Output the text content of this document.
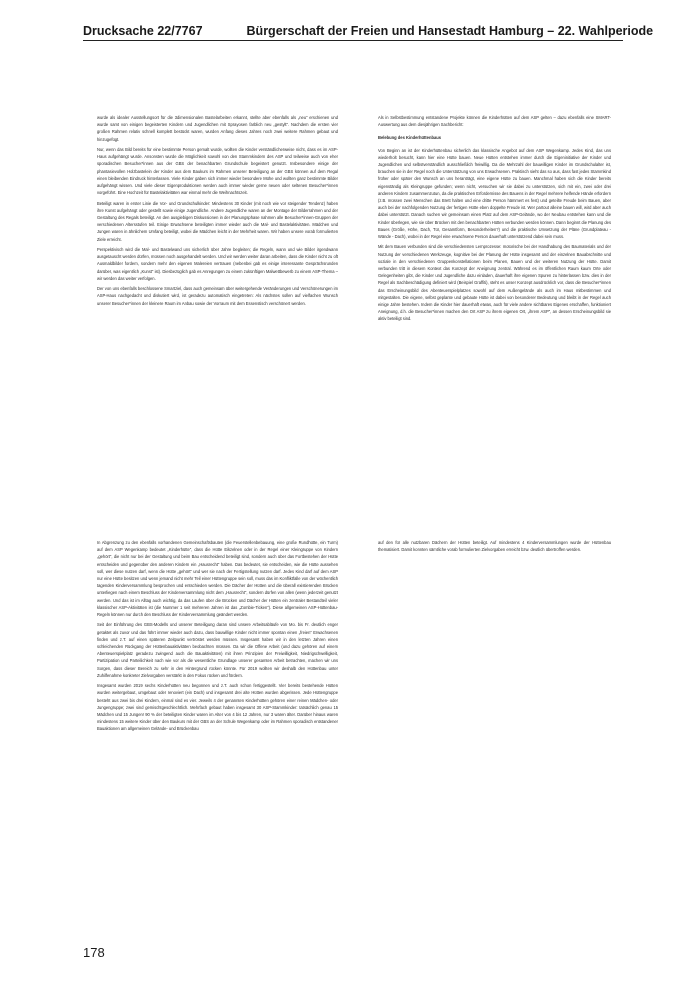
Drucksache 22/7767	Bürgerschaft der Freien und Hansestadt Hamburg – 22. Wahlperiode

wurde als idealer Ausstellungsort für die 3dimensionalen Bastelarbeiten erkannt, stellte aber ebenfalls als „neu“ erschienen und wurde samt von einigen begeisterten Kindern und Jugendlichen mit Sprayosen farblich neu „gestylt“. Nachdem die ersten vier großen Rahmen relativ schnell komplett bestückt waren, wurden Anfang dieses Jahres noch zwei weitere Rahmen gebaut und hinzugefügt.

Nur, wenn das Bild bereits für eine bestimmte Person gemalt wurde, wollten die Kinder verständlicherweise nicht, dass es im ASP-Haus aufgehängt wurde. Ansonsten wurde die Möglichkeit sowohl von den Stammkindern des ASP und teilweise auch von eher sporadischen Besucher*innen aus der GBS der benachbarten Grundschule begeistert genutzt. Insbesondere einige der phantasievollen Holzbastelein der Kinder aus dem Baukurs im Rahmen unserer Beteiligung an der GBS können auf dem Regal einen bleibenden Eindruck hinterlassen. Viele Kinder gaben sich immer wieder besondere Mühe und wollten ganz bestimmte Bilder aufgehängt wissen. Und viele dieser Eigenproduktionen werden auch immer wieder gerne neuen oder seltenen Besucher*innen vorgeführt. Eine Hochzeit für Bastelaktivitäten war einmal mehr die Weihnachtszeit.

Beteiligt waren in erster Linie die Vor- und Grundschulkinder: Mindestens 30 Kinder (mit noch wie vor steigender Tendenz) haben ihre Kunst aufgehängt oder gestellt sowie einige Jugendliche. Andere Jugendliche waren an der Montage der Bilderrahmen und der Gestaltung des Regals beteiligt. An den ausgiebigen Diskussionen in der Planungsphase nahmen alle Besucher*innen-Gruppen der verschiedenen Altersstufen teil. Einige Erwachsene beteiligten immer wieder auch die Mal- und Bastelaktivitäten. Mädchen und Jungen waren in ähnlichem Umfang beteiligt, wobei die Mädchen leicht in der Mehrheit waren. Wir haben unsere vorab formulierten Ziele erreicht.

Perspektivisch wird die Mal- und Bastelwand uns sicherlich über Jahre begleiten; die Regeln, wann und wie Bilder irgendwann ausgetauscht werden dürfen, müssen noch ausgehandelt werden. Und wir werden weiter daran arbeiten, dass die Kinder nicht zu oft Ausmaldbilder fordern, sondern mehr den eigenen Malereien vertrauen (nebenbei gab es einige interessante Gesprächsrunden darüber, was eigentlich „Kunst“ ist). Diesbezüglich gab es Anregungen zu einem zukünftigen Malwettbewerb zu einem ASP-Thema – wir werden das weiter verfolgen.

Der von uns ebenfalls beschlossene Smartziel, dass auch gemeinsam über weitergehende Veränderungen und Verschönerungen im ASP-Haus nachgedacht und diskutiert wird, ist geradezu automatisch eingetreten: Als nächstes sollen auf vielfachen Wunsch unserer Besucher*innen der kleinere Raum im Anbau sowie der Vorraum mit dem Essenstisch verschönert werden.

Als in Selbstbestimmung entstandene Projekte können die Kinderhütten auf dem ASP gelten – dazu ebenfalls eine SMART-Auswertung aus dem diesjährigen Sachbericht:

Belebung des Kinderhüttenbaus

Von Beginn an ist der Kinderhüttenbau sicherlich das klassische Angebot auf dem ASP Wegenkamp. Jedes Kind, das uns wiederholt besucht, kann hier eine Hütte bauen. Neue Hütten entstehen immer durch die Eigeninitiative der Kinder und Jugendlichen und selbstverständlich ausschließlich freiwillig. Da die Mehrzahl der bauwilligen Kinder im Grundschulalter ist, brauchen sie in der Regel noch die Unterstützung von uns Erwachsenen. Praktisch sieht das so aus, dass fast jedes Stammkind früher oder später den Wunsch an uns heranträgt, eine eigene Hütte zu bauen. Manchmal haben sich die Kinder bereits eigenständig als Kleingruppe gefunden; wenn nicht, versuchen wir sie dabei zu unterstützen, sich mit ein, zwei oder drei anderen Kindern zusammenzutun, da die praktischen Erfordernisse des Bauens in der Regel mehrere helfende Hände erfordern (z.B. müssen zwei Menschen das Brett halten und eine dritte Person hämmert es fest) und geteilte Freude beim Bauen, aber auch bei der nachfolgenden Nutzung der fertigen Hütte eben doppelte Freude ist. Wer partout alleine bauen will, wird aber auch dabei unterstützt. Danach suchen wir gemeinsam einen Platz auf dem ASP-Gelände, wo der Neubau entstehen kann und die Kinder überlegen, wie sie über Brücken mit den benachbarten Hütten verbunden werden können. Dann beginnt die Planung des Baues (Größe, Höhe, Dach, Tür, Gesamtform, Besonderheiten?) und die praktische Umsetzung der Pläne (Grundplateau - Wände - Dach), wobei in der Regel eine erwachsene Person dauerhaft unterstützend dabei sein muss.

Mit dem Bauen verbunden sind die verschiedensten Lernprozesse: motorische bei der Handhabung des Baumaterials und der Nutzung der verschiedenen Werkzeuge, kognitive bei der Planung der Hütte insgesamt und der einzelnen Bauabschnitte und soziale in den verschiedenen Gruppenkonstellationen beim Planen, Bauen und der weiteren Nutzung der Hütte. Damit verbunden tritt in diesem Kontext das Konzept der Aneignung zentral. Während es im öffentlichen Raum kaum Orte oder Gelegenheiten gibt, die Kinder und Jugendliche dazu einladen, dauerhaft ihre eigenen Spuren zu hinterlassen bzw. dies in der Regel als Sachbeschädigung definiert wird (Beispiel Graffiti), steht es unser Konzept ausdrücklich vor, dass die Besucher*innen das Erscheinungsbild des Abenteuerspielplatzes sowohl auf dem Außengelände als auch im Haus mitbestimmen und mitgestalten. Die eigene, selbst geplante und gebaute Hütte ist dabei von besonderer Bedeutung und bleibt in der Regel auch einige Jahre bestehen. Indem die Kinder hier dauerhaft etwas, auch für viele andere sichtbares Eigenes erschaffen, funktioniert Aneignung, d.h. die Besucher*innen machen den Ort ASP zu ihrem eigenen Ort, „ihrem ASP“, an dessen Erscheinungsbild sie aktiv beteiligt sind.

In Abgrenzung zu den ebenfalls vorhandenen Gemeinschaftsbauten (die Feuerstellenbebauung, eine große Rundhütte, ein Turm) auf dem ASP Wegenkamp bedeutet „Kinderhütte“, dass die Hütte Eikzelnen oder in der Regel einer Kleingruppe von Kindern „gehört“, die nicht nur bei der Gestaltung und beim Bau entscheidend beteiligt sind, sondern auch über das Fortbestehen der Hütte entscheiden und gegenüber den anderen Kindern ein „Hausrecht“ haben. Das bedeutet, sie entscheiden, wie die Hütte aussehen soll, wer diese nutzen darf, wenn die Hütte „gehört“ und wer sie nach der Fertigstellung nutzen darf. Jedes Kind darf auf dem ASP nur eine Hütte besitzen und wenn jemand nicht mehr Teil einer Hüttengruppe sein soll, muss das im Konfliktfalle von der wöchentlich tagenden Kinderversammlung besprochen und entschieden werden. Die Dächer der Hütten und die überall existierenden Brücken unterliegen nach einem Beschluss der Kinderversammlung nicht dem „Hausrecht“, sondern dürfen von allen (wenn jederzeit genutzt werden. Und das ist im Alltag auch wichtig, da das Laufen über die Brücken und Dächer der Hütten ein zentraler Bestandteil vieler klassischer ASP-Aktivitäten ist (die Nummer 1 seit mehreren Jahren ist das „Zombie-Ticken“). Diese allgemeinen ASP-Hüttenbau-Regeln können nur durch den Beschluss der Kinderversammlung geändert werden.

Seit der Einführung des GBS-Modells und unserer Beteiligung daran sind unsere Arbeitsabläufe von Mo. bis Fr. deutlich enger getaktet als zuvor und das führt immer wieder auch dazu, dass bauwillige Kinder nicht immer spontan einen „freien“ Erwachsenen finden und z.T. auf einen späteren Zeitpunkt vertröstet werden müssen. Insgesamt haben wir in den letzten Jahren einen schleichenden Rückgang der Hüttenbauaktivitäten beobachten müssen. Da wir die Offene Arbeit (und dazu gehören auf einem Abenteuerspielplatz geradezu zwingend auch die Bauaktivitäten) mit ihren Prinzipien der Freiwilligkeit, Niedrigschwelligkeit, Partizipation und Parteilichkeit nach wie vor als die wesentliche Grundlage unserer gesamten Arbeit betrachten, machen wir uns Sorgen, dass dieser Bereich zu sehr in den Hintergrund rücken könnte. Für 2019 wollten wir deshalb den Hüttenbau unter Zuhilfenahme konkreter Zielvorgaben verstärkt in den Fokus rücken und fördern.

Insgesamt wurden 2019 sechs Kinderhütten neu begonnen und z.T. auch schon fertiggestellt. Vier bereits bestehende Hütten wurden weitergebaut, umgebaut oder renoviert (ein Dach) und insgesamt drei alte Hütten wurden abgerissen. Jede Hüttengruppe besteht aus zwei bis drei Kindern, einmal sind es vier. Jeweils 4 der genannten Kinderhütten gehören einer reinen Mädchen- oder Jungengruppe; zwei sind gemischtgeschlechtlich. Mehrfach gebaut haben insgesamt 30 ASP-Stammkinder: tatsächlich genau 15 Mädchen und 15 Jungen! 90 % der beteiligten Kinder waren im Alter von 4 bis 12 Jahren, nur 3 waren älter. Darüber hinaus waren mindestens 15 weitere Kinder über den Baukurs mit der GBS an der Schule Wegenkamp oder im Rahmen sporadisch entstandener Bauaktionen am allgemeinen Gelände- und Brückenbau

auf den für alle nutzbaren Dächern der Hütten beteiligt. Auf mindestens 4 Kinderversammlungen wurde der Hüttenbau thematisiert. Damit konnten sämtliche vorab formulierten Zielvorgaben erreicht bzw. deutlich übertroffen werden.

178
